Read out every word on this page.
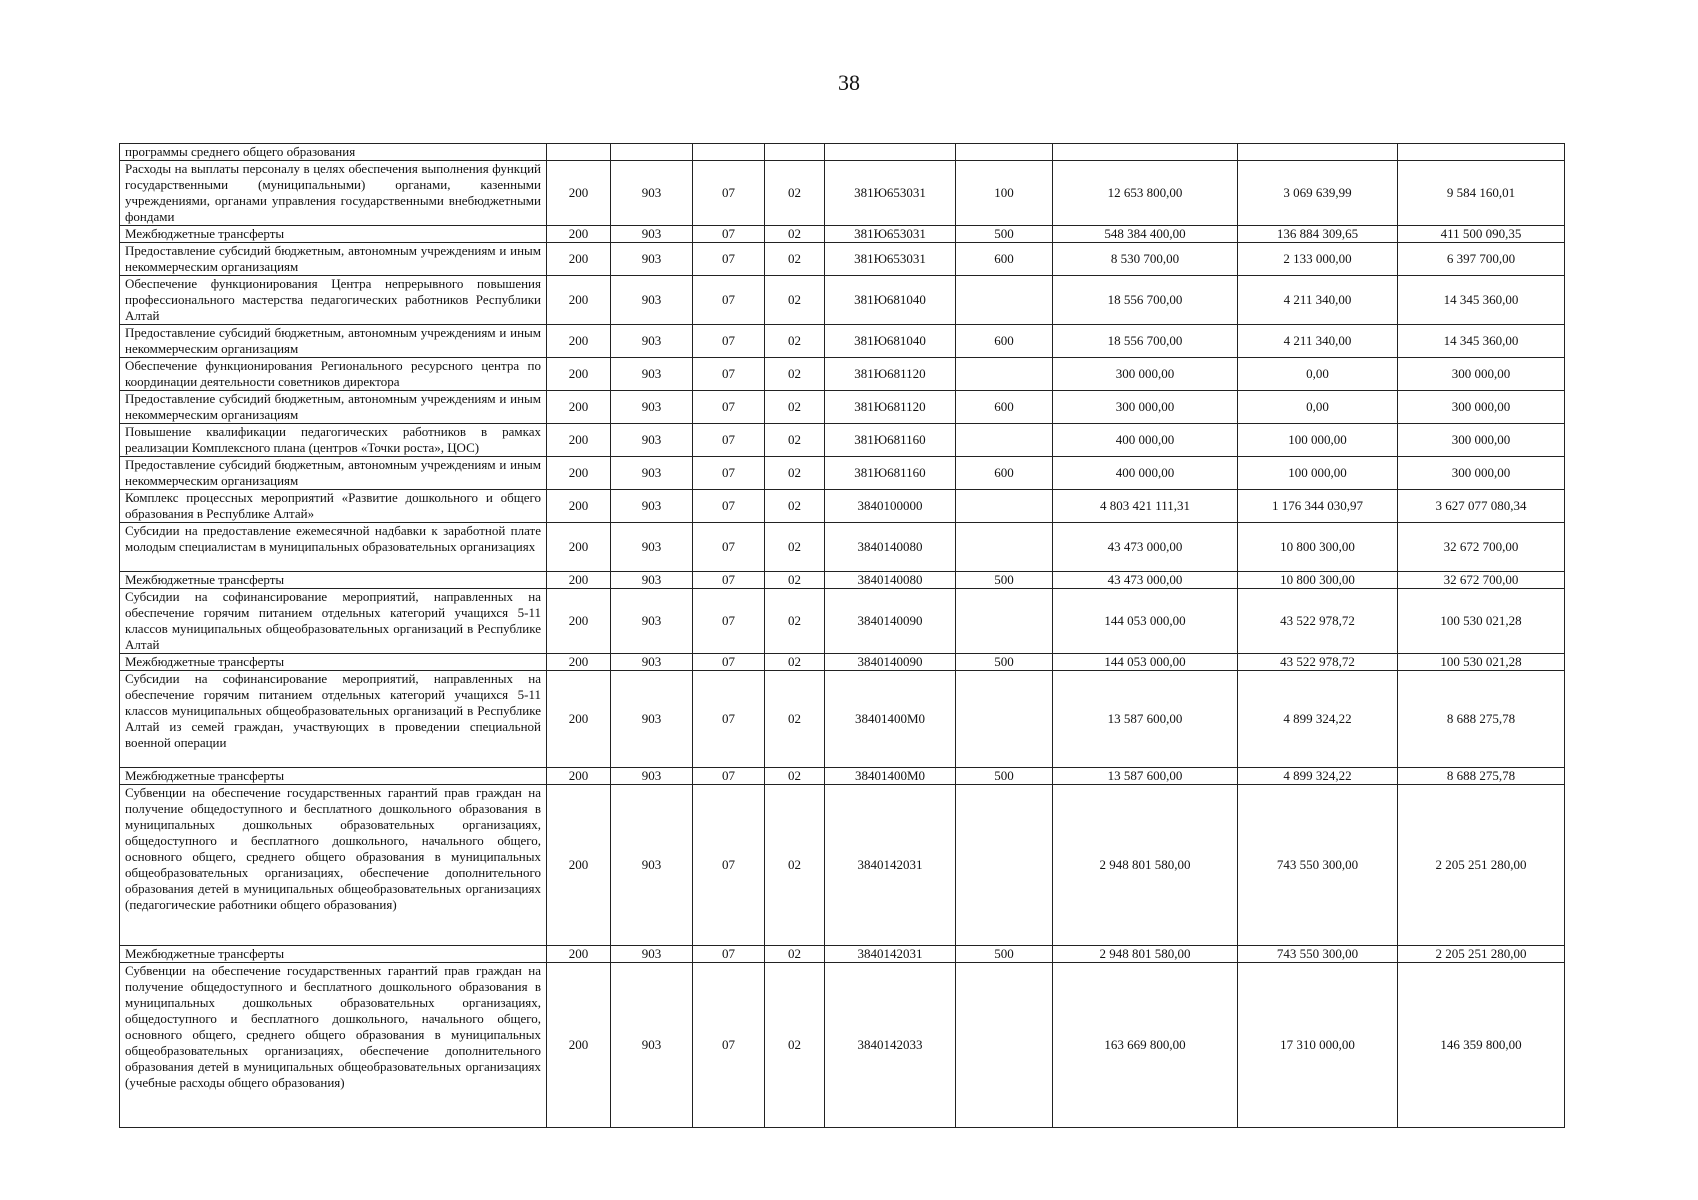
38
программы среднего общего образования									
Расходы на выплаты персоналу в целях обеспечения выполнения функций государственными (муниципальными) органами, казенными учреждениями, органами управления государственными внебюджетными фондами	200	903	07	02	381Ю653031	100	12 653 800,00	3 069 639,99	9 584 160,01
Межбюджетные трансферты	200	903	07	02	381Ю653031	500	548 384 400,00	136 884 309,65	411 500 090,35
Предоставление субсидий бюджетным, автономным учреждениям и иным некоммерческим организациям	200	903	07	02	381Ю653031	600	8 530 700,00	2 133 000,00	6 397 700,00
Обеспечение функционирования Центра непрерывного повышения профессионального мастерства педагогических работников Республики Алтай	200	903	07	02	381Ю681040		18 556 700,00	4 211 340,00	14 345 360,00
Предоставление субсидий бюджетным, автономным учреждениям и иным некоммерческим организациям	200	903	07	02	381Ю681040	600	18 556 700,00	4 211 340,00	14 345 360,00
Обеспечение функционирования Регионального ресурсного центра по координации деятельности советников директора	200	903	07	02	381Ю681120		300 000,00	0,00	300 000,00
Предоставление субсидий бюджетным, автономным учреждениям и иным некоммерческим организациям	200	903	07	02	381Ю681120	600	300 000,00	0,00	300 000,00
Повышение квалификации педагогических работников в рамках реализации Комплексного плана (центров «Точки роста», ЦОС)	200	903	07	02	381Ю681160		400 000,00	100 000,00	300 000,00
Предоставление субсидий бюджетным, автономным учреждениям и иным некоммерческим организациям	200	903	07	02	381Ю681160	600	400 000,00	100 000,00	300 000,00
Комплекс процессных мероприятий «Развитие дошкольного и общего образования в Республике Алтай»	200	903	07	02	3840100000		4 803 421 111,31	1 176 344 030,97	3 627 077 080,34
Субсидии на предоставление ежемесячной надбавки к заработной плате молодым специалистам в муниципальных образовательных организациях	200	903	07	02	3840140080		43 473 000,00	10 800 300,00	32 672 700,00
Межбюджетные трансферты	200	903	07	02	3840140080	500	43 473 000,00	10 800 300,00	32 672 700,00
Субсидии на софинансирование мероприятий, направленных на обеспечение горячим питанием отдельных категорий учащихся 5-11 классов муниципальных общеобразовательных организаций в Республике Алтай	200	903	07	02	3840140090		144 053 000,00	43 522 978,72	100 530 021,28
Межбюджетные трансферты	200	903	07	02	3840140090	500	144 053 000,00	43 522 978,72	100 530 021,28
Субсидии на софинансирование мероприятий, направленных на обеспечение горячим питанием отдельных категорий учащихся 5-11 классов муниципальных общеобразовательных организаций в Республике Алтай из семей граждан, участвующих в проведении специальной военной операции	200	903	07	02	38401400М0		13 587 600,00	4 899 324,22	8 688 275,78
Межбюджетные трансферты	200	903	07	02	38401400М0	500	13 587 600,00	4 899 324,22	8 688 275,78
Субвенции на обеспечение государственных гарантий прав граждан на получение общедоступного и бесплатного дошкольного образования в муниципальных дошкольных образовательных организациях, общедоступного и бесплатного дошкольного, начального общего, основного общего, среднего общего образования в муниципальных общеобразовательных организациях, обеспечение дополнительного образования детей в муниципальных общеобразовательных организациях (педагогические работники общего образования)	200	903	07	02	3840142031		2 948 801 580,00	743 550 300,00	2 205 251 280,00
Межбюджетные трансферты	200	903	07	02	3840142031	500	2 948 801 580,00	743 550 300,00	2 205 251 280,00
Субвенции на обеспечение государственных гарантий прав граждан на получение общедоступного и бесплатного дошкольного образования в муниципальных дошкольных образовательных организациях, общедоступного и бесплатного дошкольного, начального общего, основного общего, среднего общего образования в муниципальных общеобразовательных организациях, обеспечение дополнительного образования детей в муниципальных общеобразовательных организациях (учебные расходы общего образования)	200	903	07	02	3840142033		163 669 800,00	17 310 000,00	146 359 800,00
